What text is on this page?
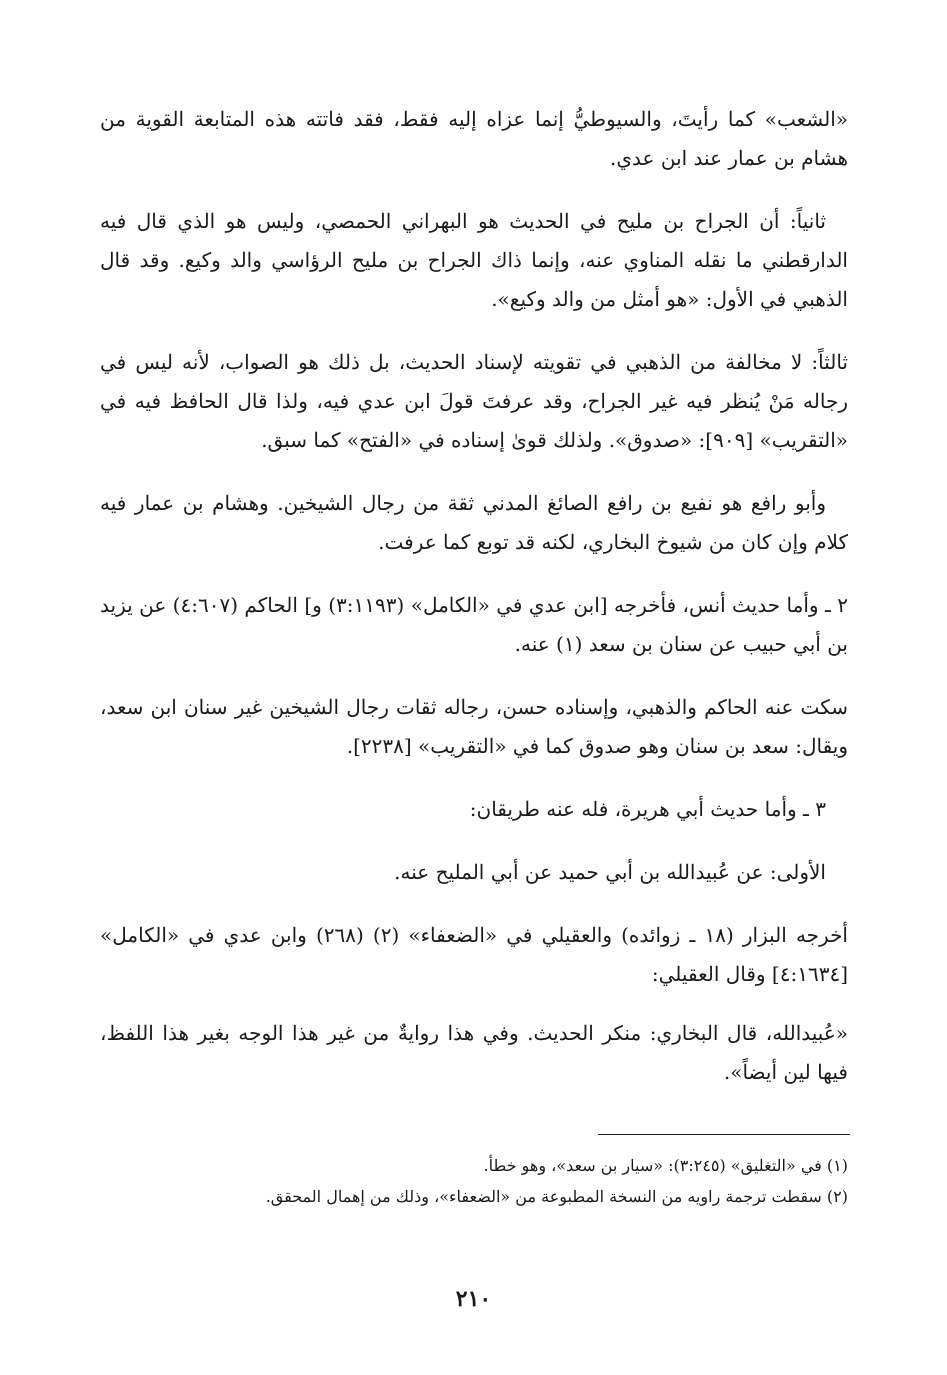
«الشعب» كما رأيتَ، والسيوطيُّ إنما عزاه إليه فقط، فقد فاتته هذه المتابعة القوية من هشام بن عمار عند ابن عدي.

ثانياً: أن الجراح بن مليح في الحديث هو البهراني الحمصي، وليس هو الذي قال فيه الدارقطني ما نقله المناوي عنه، وإنما ذاك الجراح بن مليح الرؤاسي والد وكيع. وقد قال الذهبي في الأول: «هو أمثل من والد وكيع».

ثالثاً: لا مخالفة من الذهبي في تقويته لإسناد الحديث، بل ذلك هو الصواب، لأنه ليس في رجاله مَنْ يُنظر فيه غير الجراح، وقد عرفتَ قولَ ابن عدي فيه، ولذا قال الحافظ فيه في «التقريب» [٩٠٩]: «صدوق». ولذلك قوىٰ إسناده في «الفتح» كما سبق.

وأبو رافع هو نفيع بن رافع الصائغ المدني ثقة من رجال الشيخين. وهشام بن عمار فيه كلام وإن كان من شيوخ البخاري، لكنه قد توبع كما عرفت.

٢ ـ وأما حديث أنس، فأخرجه [ابن عدي في «الكامل» (٣:١١٩٣) و] الحاكم (٤:٦٠٧) عن يزيد بن أبي حبيب عن سنان بن سعد (١) عنه.

سكت عنه الحاكم والذهبي، وإسناده حسن، رجاله ثقات رجال الشيخين غير سنان ابن سعد، ويقال: سعد بن سنان وهو صدوق كما في «التقريب» [٢٢٣٨].

٣ ـ وأما حديث أبي هريرة، فله عنه طريقان:

الأولى: عن عُبيدالله بن أبي حميد عن أبي المليح عنه.

أخرجه البزار (١٨ ـ زوائده) والعقيلي في «الضعفاء» (٢) (٢٦٨) وابن عدي في «الكامل» [٤:١٦٣٤] وقال العقيلي:

«عُبيدالله، قال البخاري: منكر الحديث. وفي هذا روايةٌ من غير هذا الوجه بغير هذا اللفظ، فيها لين أيضاً».

(١) في «التغليق» (٣:٢٤٥): «سيار بن سعد»، وهو خطأ.

(٢) سقطت ترجمة راويه من النسخة المطبوعة من «الضعفاء»، وذلك من إهمال المحقق.

٢١٠
